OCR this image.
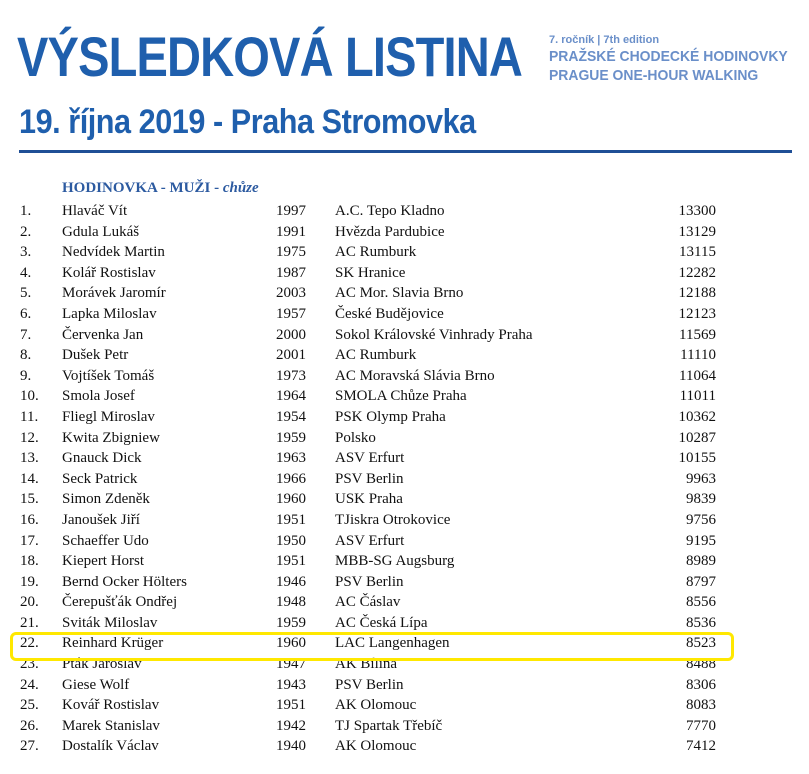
VÝSLEDKOVÁ LISTINA
19. října 2019 - Praha Stromovka
7. ročník | 7th edition
PRAŽSKÉ CHODECKÉ HODINOVKY
PRAGUE ONE-HOUR WALKING
HODINOVKA - MUŽI - chůze
1. Hlaváč Vít	1997 A.C. Tepo Kladno	13300
2. Gdula Lukáš	1991 Hvězda Pardubice	13129
3. Nedvídek Martin	1975 AC Rumburk	13115
4. Kolář Rostislav	1987 SK Hranice	12282
5. Morávek Jaromír	2003 AC Mor. Slavia Brno	12188
6. Lapka Miloslav	1957 České Budějovice	12123
7. Červenka Jan	2000 Sokol Královské Vinhrady Praha	11569
8. Dušek Petr	2001 AC Rumburk	11110
9. Vojtíšek Tomáš	1973 AC Moravská Slávia Brno	11064
10. Smola Josef	1964 SMOLA Chůze Praha	11011
11. Fliegl Miroslav	1954 PSK Olymp Praha	10362
12. Kwita Zbigniew	1959 Polsko	10287
13. Gnauck Dick	1963 ASV Erfurt	10155
14. Seck Patrick	1966 PSV Berlin	9963
15. Simon Zdeněk	1960 USK Praha	9839
16. Janoušek Jiří	1951 TJiskra Otrokovice	9756
17. Schaeffer Udo	1950 ASV Erfurt	9195
18. Kiepert Horst	1951 MBB-SG Augsburg	8989
19. Bernd Ocker Hölters	1946 PSV Berlin	8797
20. Čerepušťák Ondřej	1948 AC Čáslav	8556
21. Sviták Miloslav	1959 AC Česká Lípa	8536
22. Reinhard Krüger	1960 LAC Langenhagen	8523
23. Pták Jaroslav	1947 AK Bílina	8488
24. Giese Wolf	1943 PSV Berlin	8306
25. Kovář Rostislav	1951 AK Olomouc	8083
26. Marek Stanislav	1942 TJ Spartak Třebíč	7770
27. Dostalík Václav	1940 AK Olomouc	7412
